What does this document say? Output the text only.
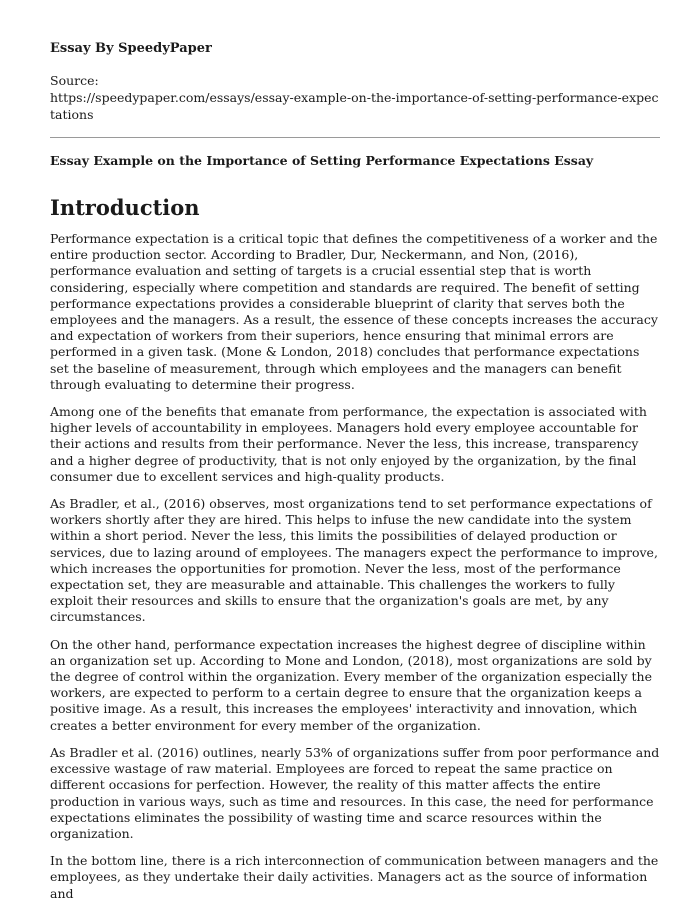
Essay By SpeedyPaper

Source:

https://speedypaper.com/essays/essay-example-on-the-importance-of-setting-performance-expectations

Essay Example on the Importance of Setting Performance Expectations Essay

Introduction

Performance expectation is a critical topic that defines the competitiveness of a worker and the entire production sector. According to Bradler, Dur, Neckermann, and Non, (2016), performance evaluation and setting of targets is a crucial essential step that is worth considering, especially where competition and standards are required. The benefit of setting performance expectations provides a considerable blueprint of clarity that serves both the employees and the managers. As a result, the essence of these concepts increases the accuracy and expectation of workers from their superiors, hence ensuring that minimal errors are performed in a given task. (Mone & London, 2018) concludes that performance expectations set the baseline of measurement, through which employees and the managers can benefit through evaluating to determine their progress.

Among one of the benefits that emanate from performance, the expectation is associated with higher levels of accountability in employees. Managers hold every employee accountable for their actions and results from their performance. Never the less, this increase, transparency and a higher degree of productivity, that is not only enjoyed by the organization, by the final consumer due to excellent services and high-quality products.

As Bradler, et al., (2016) observes, most organizations tend to set performance expectations of workers shortly after they are hired. This helps to infuse the new candidate into the system within a short period. Never the less, this limits the possibilities of delayed production or services, due to lazing around of employees. The managers expect the performance to improve, which increases the opportunities for promotion. Never the less, most of the performance expectation set, they are measurable and attainable. This challenges the workers to fully exploit their resources and skills to ensure that the organization's goals are met, by any circumstances.

On the other hand, performance expectation increases the highest degree of discipline within an organization set up. According to Mone and London, (2018), most organizations are sold by the degree of control within the organization. Every member of the organization especially the workers, are expected to perform to a certain degree to ensure that the organization keeps a positive image. As a result, this increases the employees' interactivity and innovation, which creates a better environment for every member of the organization.

As Bradler et al. (2016) outlines, nearly 53% of organizations suffer from poor performance and excessive wastage of raw material. Employees are forced to repeat the same practice on different occasions for perfection. However, the reality of this matter affects the entire production in various ways, such as time and resources. In this case, the need for performance expectations eliminates the possibility of wasting time and scarce resources within the organization.

In the bottom line, there is a rich interconnection of communication between managers and the employees, as they undertake their daily activities. Managers act as the source of information and
